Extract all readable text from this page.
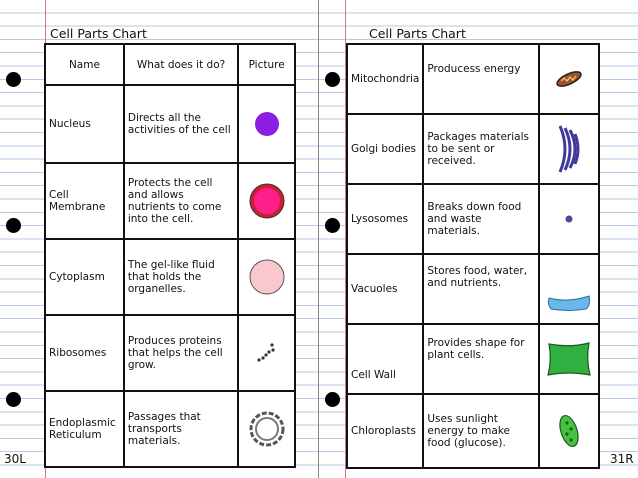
Cell Parts Chart	Cell Parts Chart
30L	31R
Name	What does it do?	Picture
Nucleus	Directs all the activities of the cell	

Cell Membrane	Protects the cell and allows nutrients to come into the cell.	

Cytoplasm	The gel-like fluid that holds the organelles.	

Ribosomes	Produces proteins that helps the cell grow.	

Endoplasmic Reticulum	Passages that transports materials.	
Mitochondria	Producess energy	

Golgi bodies	Packages materials to be sent or received.	

Lysosomes	Breaks down food and waste materials.	

Vacuoles	Stores food, water, and nutrients.	

Cell Wall	Provides shape for plant cells.	

Chloroplasts	Uses sunlight energy to make food (glucose).	
